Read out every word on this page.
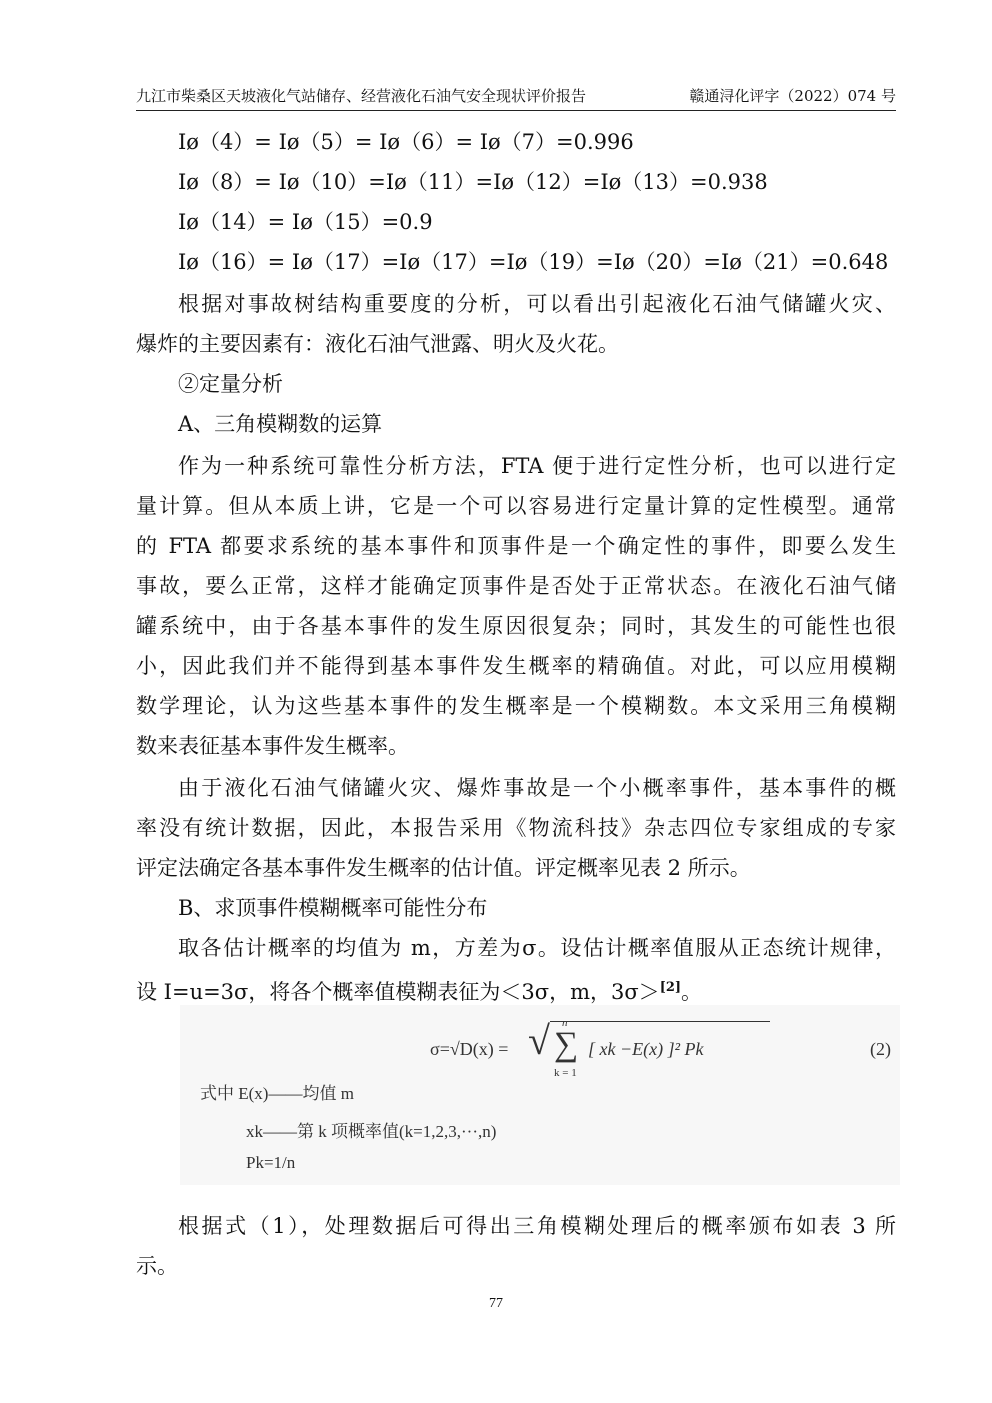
九江市柴桑区天坡液化气站储存、经营液化石油气安全现状评价报告	赣通浔化评字（2022）074 号
Iø（4）= Iø（5）= Iø（6）= Iø（7）=0.996
Iø（8）= Iø（10）=Iø（11）=Iø（12）=Iø（13）=0.938
Iø（14）= Iø（15）=0.9
Iø（16）= Iø（17）=Iø（17）=Iø（19）=Iø（20）=Iø（21）=0.648
根据对事故树结构重要度的分析，可以看出引起液化石油气储罐火灾、
爆炸的主要因素有：液化石油气泄露、明火及火花。
②定量分析
A、三角模糊数的运算
作为一种系统可靠性分析方法，FTA 便于进行定性分析，也可以进行定
量计算。但从本质上讲，它是一个可以容易进行定量计算的定性模型。通常
的 FTA 都要求系统的基本事件和顶事件是一个确定性的事件，即要么发生
事故，要么正常，这样才能确定顶事件是否处于正常状态。在液化石油气储
罐系统中，由于各基本事件的发生原因很复杂；同时，其发生的可能性也很
小，因此我们并不能得到基本事件发生概率的精确值。对此，可以应用模糊
数学理论，认为这些基本事件的发生概率是一个模糊数。本文采用三角模糊
数来表征基本事件发生概率。
由于液化石油气储罐火灾、爆炸事故是一个小概率事件，基本事件的概
率没有统计数据，因此，本报告采用《物流科技》杂志四位专家组成的专家
评定法确定各基本事件发生概率的估计值。评定概率见表 2 所示。
B、求顶事件模糊概率可能性分布
取各估计概率的均值为 m，方差为σ。设估计概率值服从正态统计规律，
设 I=u=3σ，将各个概率值模糊表征为＜3σ，m，3σ＞[2]。
σ=√D(x) = √ n
∑
k = 1
[ xk −E(x) ]² Pk	(2)
式中 E(x)——均值 m
xk——第 k 项概率值(k=1,2,3,···,n)
Pk=1/n
根据式（1），处理数据后可得出三角模糊处理后的概率颁布如表 3 所
示。
77
